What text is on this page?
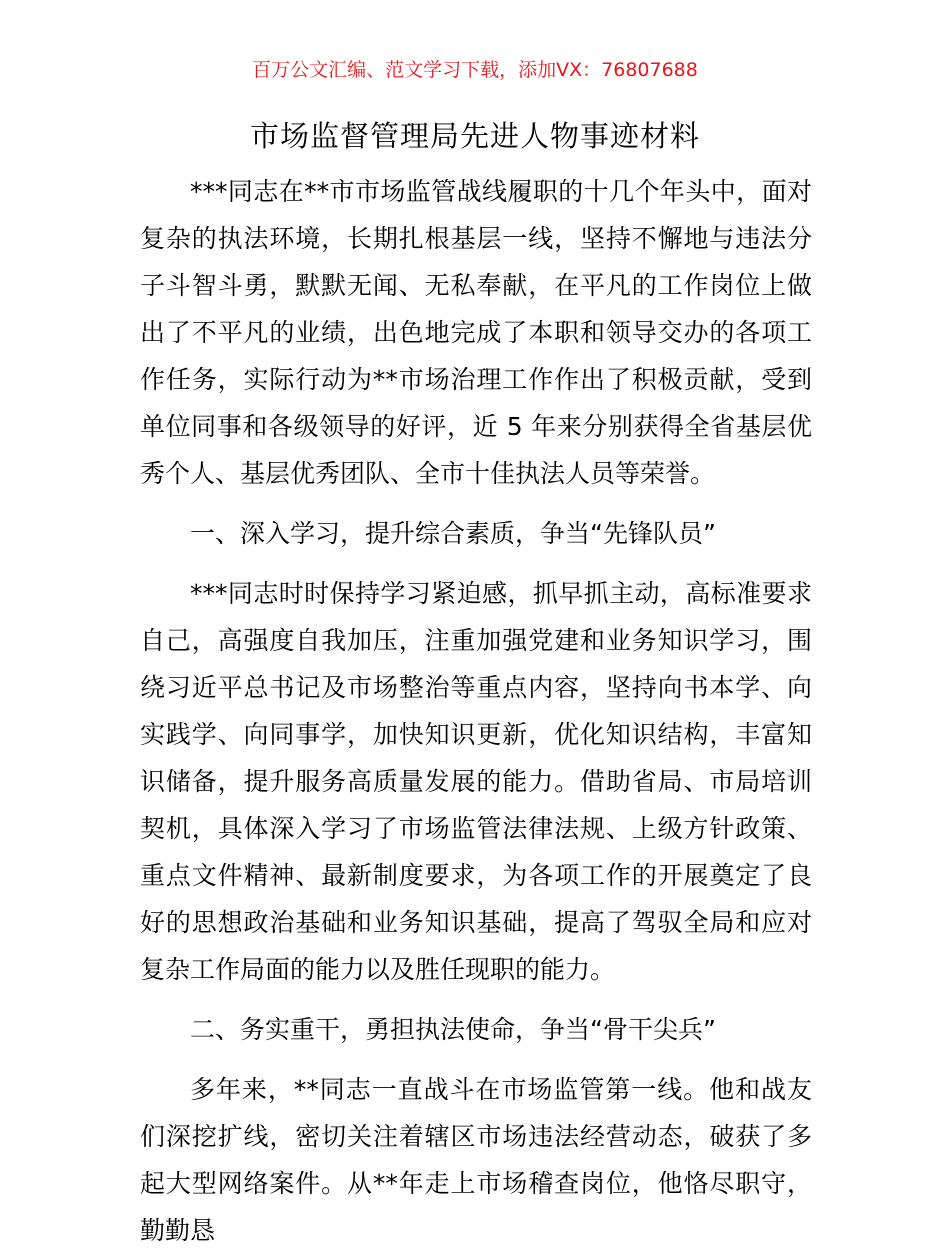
百万公文汇编、范文学习下载，添加VX：76807688
市场监督管理局先进人物事迹材料

***同志在**市市场监管战线履职的十几个年头中，面对复杂的执法环境，长期扎根基层一线，坚持不懈地与违法分子斗智斗勇，默默无闻、无私奉献，在平凡的工作岗位上做出了不平凡的业绩，出色地完成了本职和领导交办的各项工作任务，实际行动为**市场治理工作作出了积极贡献，受到单位同事和各级领导的好评，近 5 年来分别获得全省基层优秀个人、基层优秀团队、全市十佳执法人员等荣誉。

一、深入学习，提升综合素质，争当“先锋队员”

***同志时时保持学习紧迫感，抓早抓主动，高标准要求自己，高强度自我加压，注重加强党建和业务知识学习，围绕习近平总书记及市场整治等重点内容，坚持向书本学、向实践学、向同事学，加快知识更新，优化知识结构，丰富知识储备，提升服务高质量发展的能力。借助省局、市局培训契机，具体深入学习了市场监管法律法规、上级方针政策、重点文件精神、最新制度要求，为各项工作的开展奠定了良好的思想政治基础和业务知识基础，提高了驾驭全局和应对复杂工作局面的能力以及胜任现职的能力。

二、务实重干，勇担执法使命，争当“骨干尖兵”

多年来，**同志一直战斗在市场监管第一线。他和战友们深挖扩线，密切关注着辖区市场违法经营动态，破获了多起大型网络案件。从**年走上市场稽查岗位，他恪尽职守，勤勤恳
